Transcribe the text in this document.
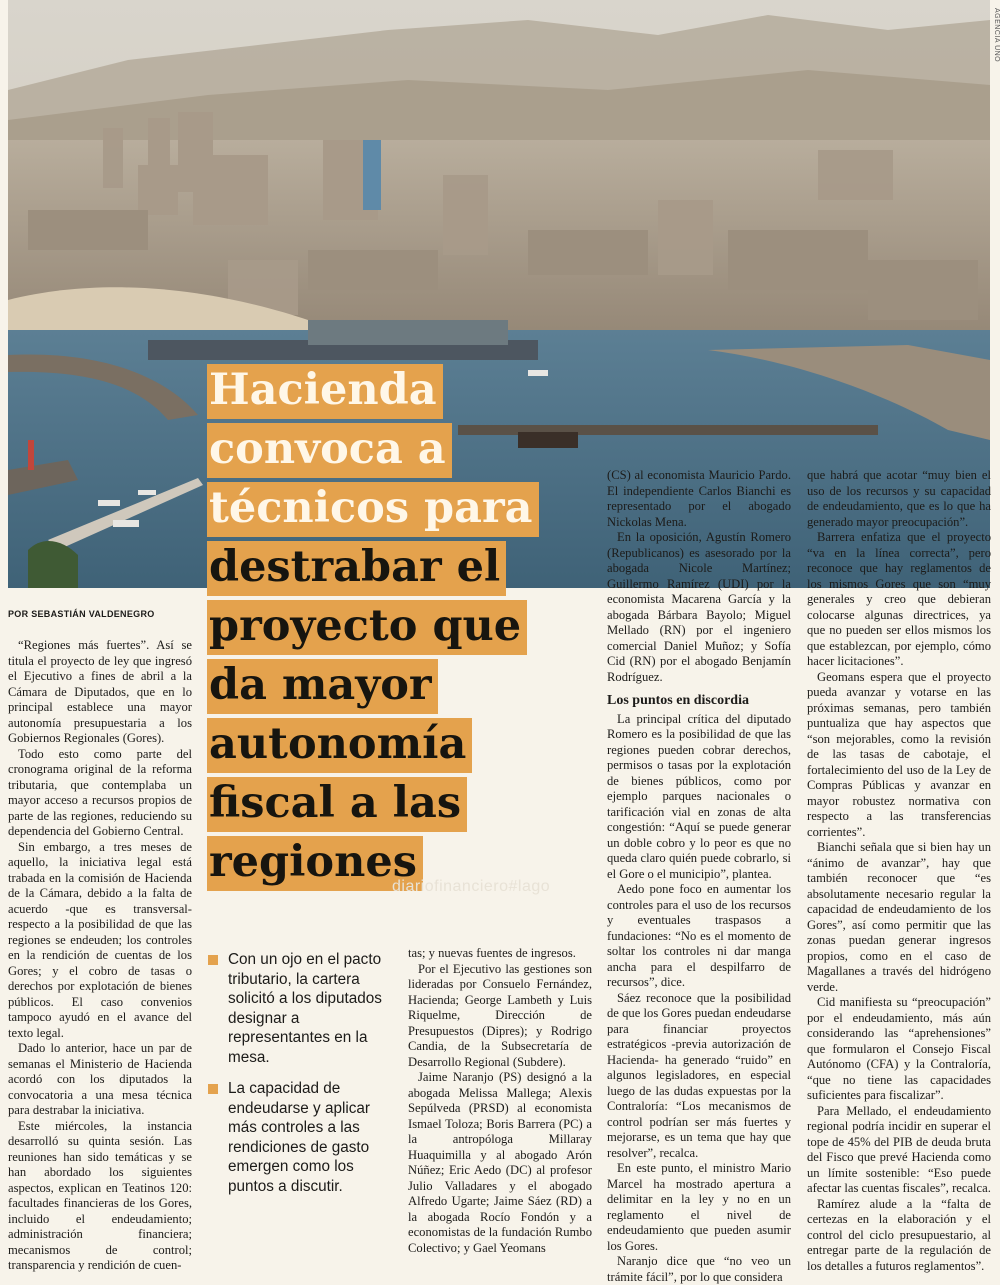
AGENCIA UNO
Hacienda
convoca a
técnicos para
destrabar el
proyecto que
da mayor
autonomía
fiscal a las
regiones
POR SEBASTIÁN VALDENEGRO

“Regiones más fuertes”. Así se titula el proyecto de ley que ingresó el Ejecutivo a fines de abril a la Cámara de Diputados, que en lo principal establece una mayor autonomía presupuestaria a los Gobiernos Regionales (Gores).

Todo esto como parte del cronograma original de la reforma tributaria, que contemplaba un mayor acceso a recursos propios de parte de las regiones, reduciendo su dependencia del Gobierno Central.

Sin embargo, a tres meses de aquello, la iniciativa legal está trabada en la comisión de Hacienda de la Cámara, debido a la falta de acuerdo -que es transversal- respecto a la posibilidad de que las regiones se endeuden; los controles en la rendición de cuentas de los Gores; y el cobro de tasas o derechos por explotación de bienes públicos. El caso convenios tampoco ayudó en el avance del texto legal.

Dado lo anterior, hace un par de semanas el Ministerio de Hacienda acordó con los diputados la convocatoria a una mesa técnica para destrabar la iniciativa.

Este miércoles, la instancia desarrolló su quinta sesión. Las reuniones han sido temáticas y se han abordado los siguientes aspectos, explican en Teatinos 120: facultades financieras de los Gores, incluido el endeudamiento; administración financiera; mecanismos de control; transparencia y rendición de cuen-

Con un ojo en el pacto tributario, la cartera solicitó a los diputados designar a representantes en la mesa.
La capacidad de endeudarse y aplicar más controles a las rendiciones de gasto emergen como los puntos a discutir.
diariofinanciero#lago

tas; y nuevas fuentes de ingresos.

Por el Ejecutivo las gestiones son lideradas por Consuelo Fernández, Hacienda; George Lambeth y Luis Riquelme, Dirección de Presupuestos (Dipres); y Rodrigo Candia, de la Subsecretaría de Desarrollo Regional (Subdere).

Jaime Naranjo (PS) designó a la abogada Melissa Mallega; Alexis Sepúlveda (PRSD) al economista Ismael Toloza; Boris Barrera (PC) a la antropóloga Millaray Huaquimilla y al abogado Arón Núñez; Eric Aedo (DC) al profesor Julio Valladares y el abogado Alfredo Ugarte; Jaime Sáez (RD) a la abogada Rocío Fondón y a economistas de la fundación Rumbo Colectivo; y Gael Yeomans

(CS) al economista Mauricio Pardo. El independiente Carlos Bianchi es representado por el abogado Nickolas Mena.

En la oposición, Agustín Romero (Republicanos) es asesorado por la abogada Nicole Martínez; Guillermo Ramírez (UDI) por la economista Macarena García y la abogada Bárbara Bayolo; Miguel Mellado (RN) por el ingeniero comercial Daniel Muñoz; y Sofía Cid (RN) por el abogado Benjamín Rodríguez.

Los puntos en discordia

La principal crítica del diputado Romero es la posibilidad de que las regiones pueden cobrar derechos, permisos o tasas por la explotación de bienes públicos, como por ejemplo parques nacionales o tarificación vial en zonas de alta congestión: “Aquí se puede generar un doble cobro y lo peor es que no queda claro quién puede cobrarlo, si el Gore o el municipio”, plantea.

Aedo pone foco en aumentar los controles para el uso de los recursos y eventuales traspasos a fundaciones: “No es el momento de soltar los controles ni dar manga ancha para el despilfarro de recursos”, dice.

Sáez reconoce que la posibilidad de que los Gores puedan endeudarse para financiar proyectos estratégicos -previa autorización de Hacienda- ha generado “ruido” en algunos legisladores, en especial luego de las dudas expuestas por la Contraloría: “Los mecanismos de control podrían ser más fuertes y mejorarse, es un tema que hay que resolver”, recalca.

En este punto, el ministro Mario Marcel ha mostrado apertura a delimitar en la ley y no en un reglamento el nivel de endeudamiento que pueden asumir los Gores.

Naranjo dice que “no veo un trámite fácil”, por lo que considera

que habrá que acotar “muy bien el uso de los recursos y su capacidad de endeudamiento, que es lo que ha generado mayor preocupación”.

Barrera enfatiza que el proyecto “va en la línea correcta”, pero reconoce que hay reglamentos de los mismos Gores que son “muy generales y creo que debieran colocarse algunas directrices, ya que no pueden ser ellos mismos los que establezcan, por ejemplo, cómo hacer licitaciones”.

Geomans espera que el proyecto pueda avanzar y votarse en las próximas semanas, pero también puntualiza que hay aspectos que “son mejorables, como la revisión de las tasas de cabotaje, el fortalecimiento del uso de la Ley de Compras Públicas y avanzar en mayor robustez normativa con respecto a las transferencias corrientes”.

Bianchi señala que si bien hay un “ánimo de avanzar”, hay que también reconocer que “es absolutamente necesario regular la capacidad de endeudamiento de los Gores”, así como permitir que las zonas puedan generar ingresos propios, como en el caso de Magallanes a través del hidrógeno verde.

Cid manifiesta su “preocupación” por el endeudamiento, más aún considerando las “aprehensiones” que formularon el Consejo Fiscal Autónomo (CFA) y la Contraloría, “que no tiene las capacidades suficientes para fiscalizar”.

Para Mellado, el endeudamiento regional podría incidir en superar el tope de 45% del PIB de deuda bruta del Fisco que prevé Hacienda como un límite sostenible: “Eso puede afectar las cuentas fiscales”, recalca.

Ramírez alude a la “falta de certezas en la elaboración y el control del ciclo presupuestario, al entregar parte de la regulación de los detalles a futuros reglamentos”.
